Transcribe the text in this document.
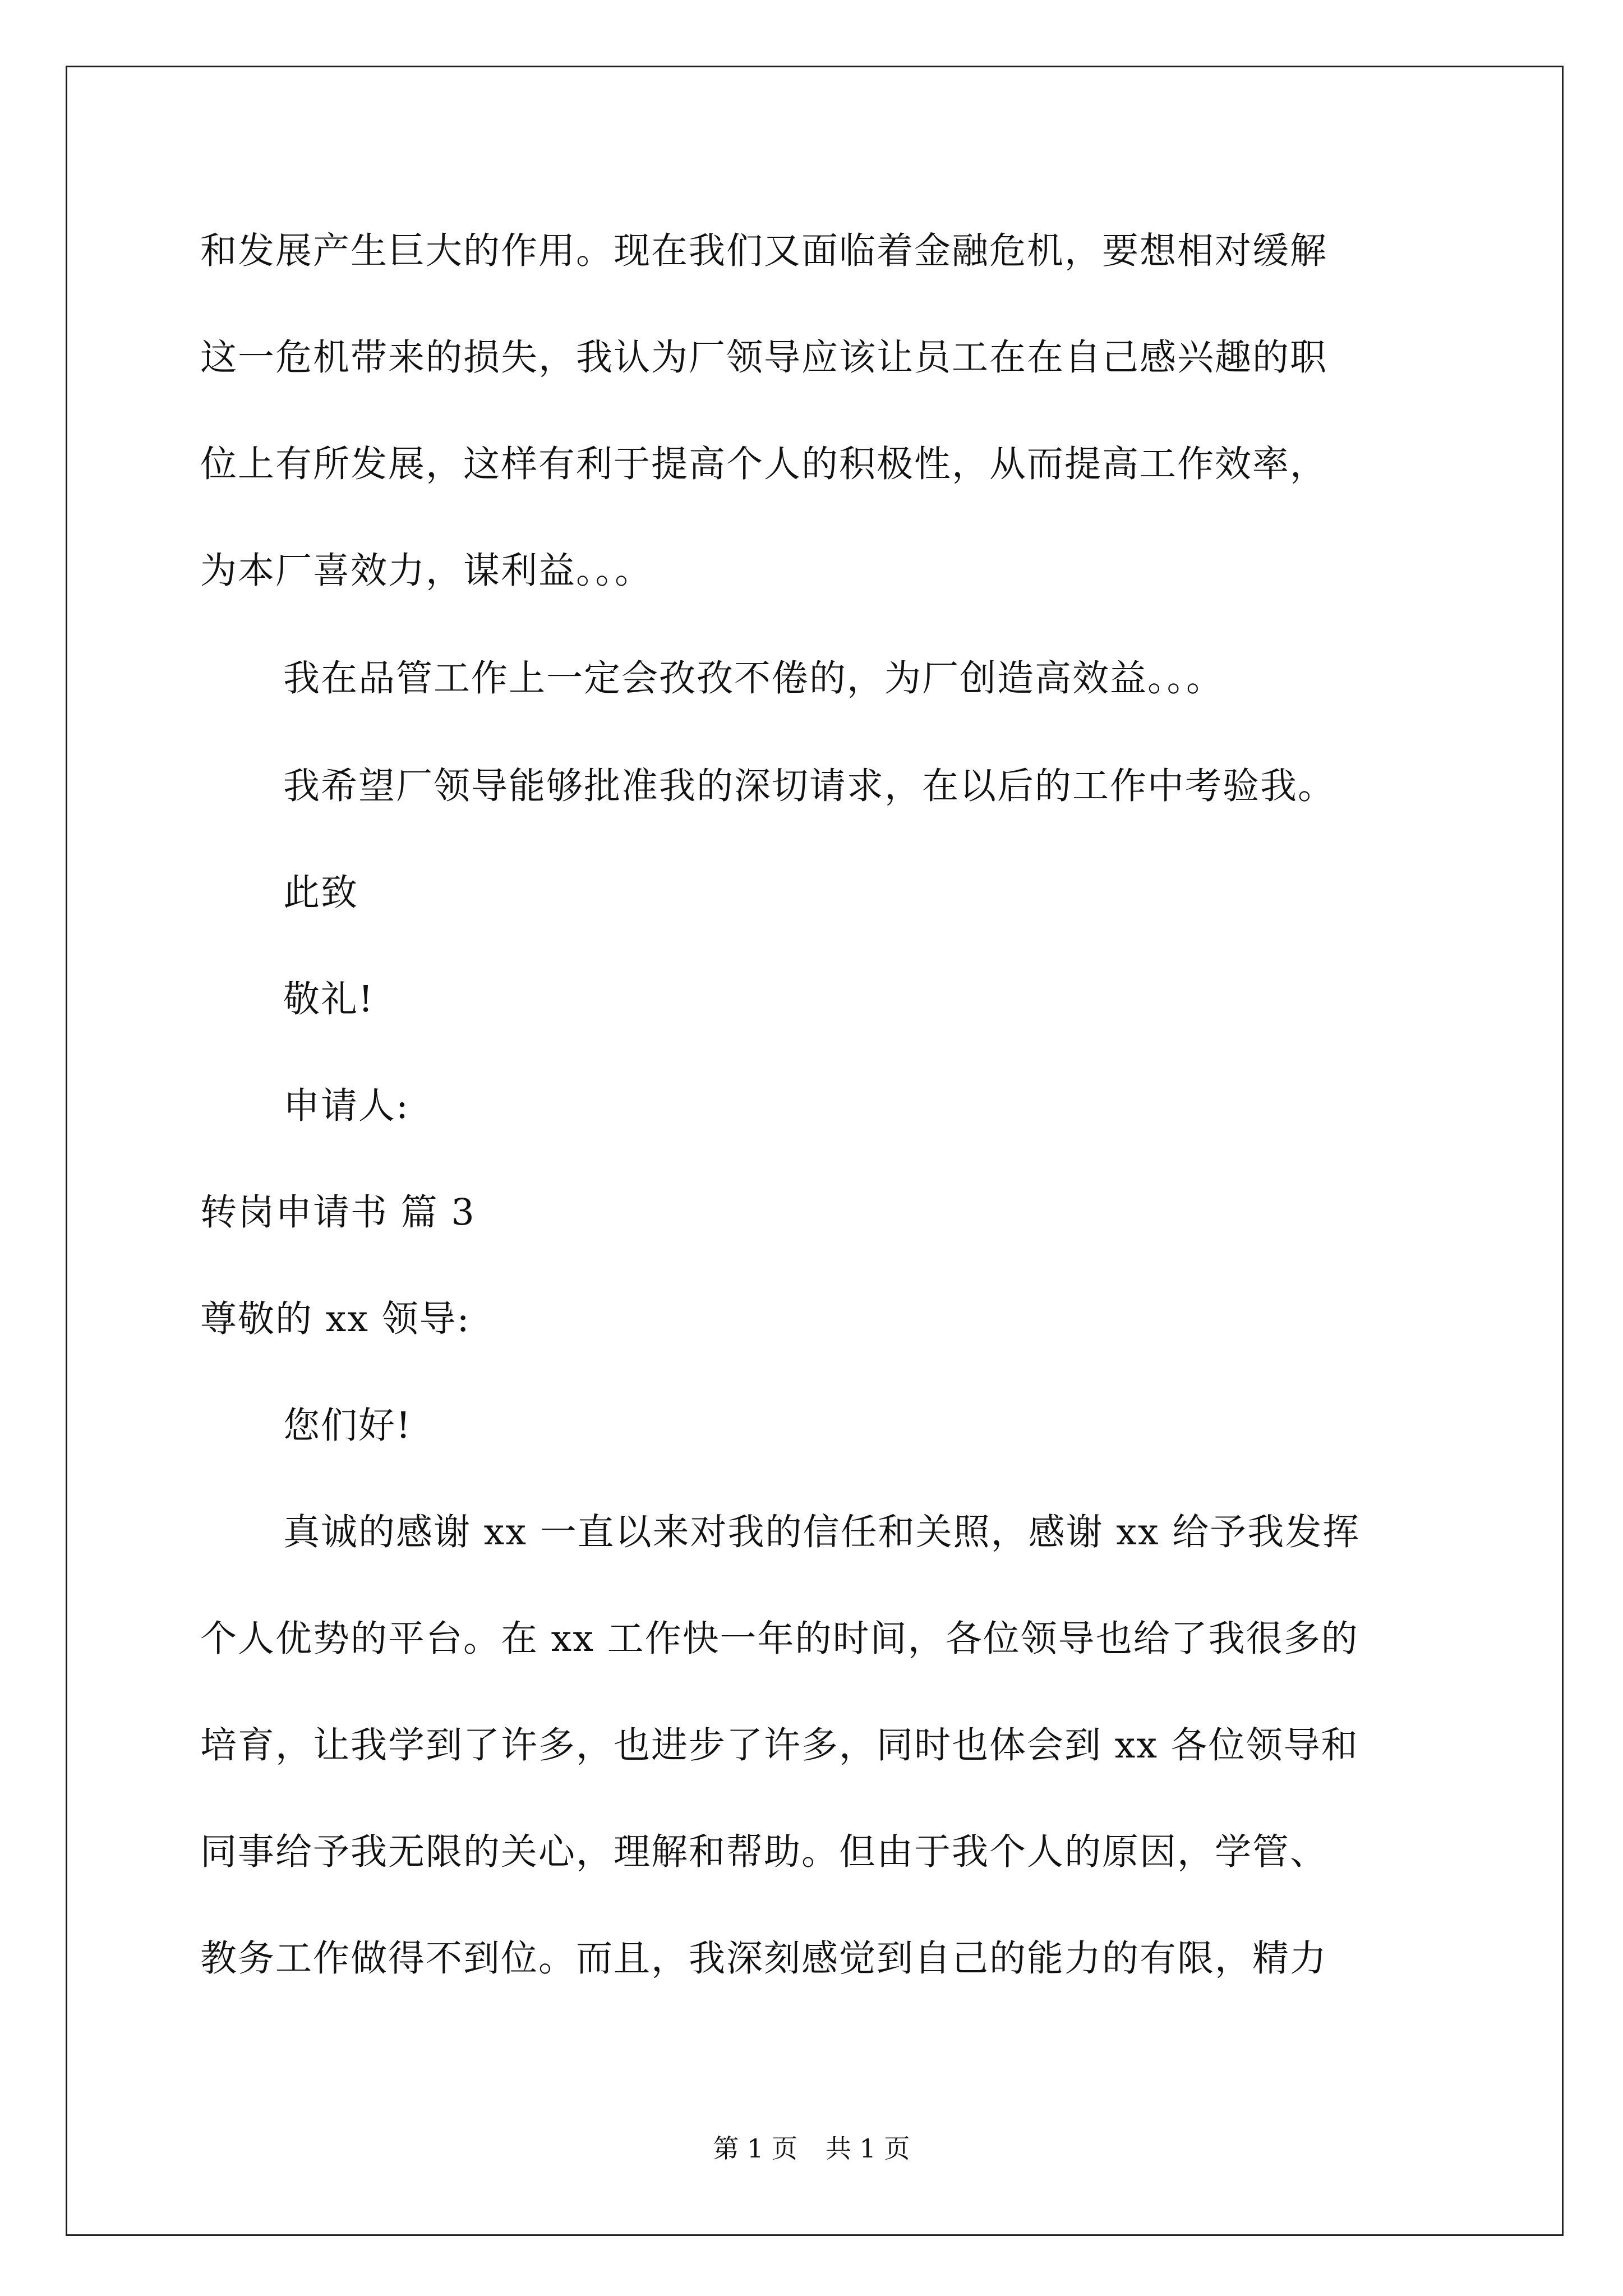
和发展产生巨大的作用。现在我们又面临着金融危机，要想相对缓解
这一危机带来的损失，我认为厂领导应该让员工在在自己感兴趣的职
位上有所发展，这样有利于提高个人的积极性，从而提高工作效率，
为本厂喜效力，谋利益。。。
我在品管工作上一定会孜孜不倦的，为厂创造高效益。。。
我希望厂领导能够批准我的深切请求，在以后的工作中考验我。
此致
敬礼!
申请人:
转岗申请书 篇 3
尊敬的 xx 领导:
您们好!
真诚的感谢 xx 一直以来对我的信任和关照，感谢 xx 给予我发挥
个人优势的平台。在 xx 工作快一年的时间，各位领导也给了我很多的
培育，让我学到了许多，也进步了许多，同时也体会到 xx 各位领导和
同事给予我无限的关心，理解和帮助。但由于我个人的原因，学管、
教务工作做得不到位。而且，我深刻感觉到自己的能力的有限，精力
第 1 页 共 1 页
